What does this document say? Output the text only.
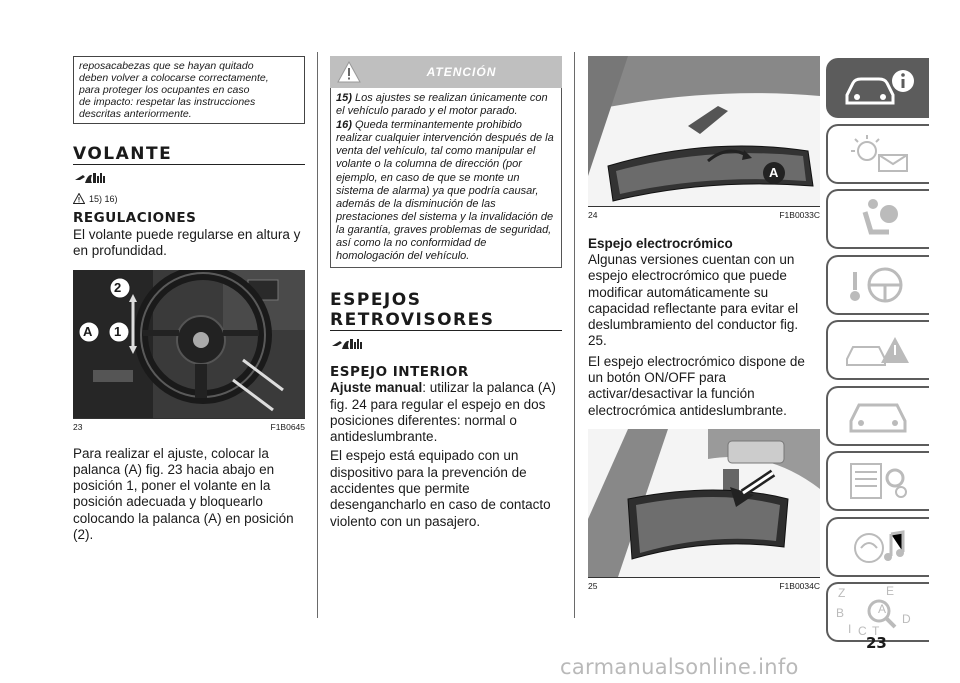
reposacabezas que se hayan quitado
deben volver a colocarse correctamente,
para proteger los ocupantes en caso
de impacto: respetar las instrucciones
descritas anteriormente.
VOLANTE
15) 16)
REGULACIONES
El volante puede regularse en altura y en profundidad.
2
A 1
23	F1B0645
Para realizar el ajuste, colocar la palanca (A) fig. 23 hacia abajo en posición 1, poner el volante en la posición adecuada y bloquearlo colocando la palanca (A) en posición (2).
ATENCIÓN
15) Los ajustes se realizan únicamente con el vehículo parado y el motor parado.
16) Queda terminantemente prohibido realizar cualquier intervención después de la venta del vehículo, tal como manipular el volante o la columna de dirección (por ejemplo, en caso de que se monte un sistema de alarma) ya que podría causar, además de la disminución de las prestaciones del sistema y la invalidación de la garantía, graves problemas de seguridad, así como la no conformidad de homologación del vehículo.
ESPEJOS
RETROVISORES
ESPEJO INTERIOR
Ajuste manual: utilizar la palanca (A) fig. 24 para regular el espejo en dos posiciones diferentes: normal o antideslumbrante.
El espejo está equipado con un dispositivo para la prevención de accidentes que permite desengancharlo en caso de contacto violento con un pasajero.
A
24	F1B0033C
Espejo electrocrómico
Algunas versiones cuentan con un espejo electrocrómico que puede modificar automáticamente su capacidad reflectante para evitar el deslumbramiento del conductor fig. 25.
El espejo electrocrómico dispone de un botón ON/OFF para activar/desactivar la función electrocrómica antideslumbrante.
25	F1B0034C
Z	E
A
B	D
I C T
23
carmanualsonline.info
